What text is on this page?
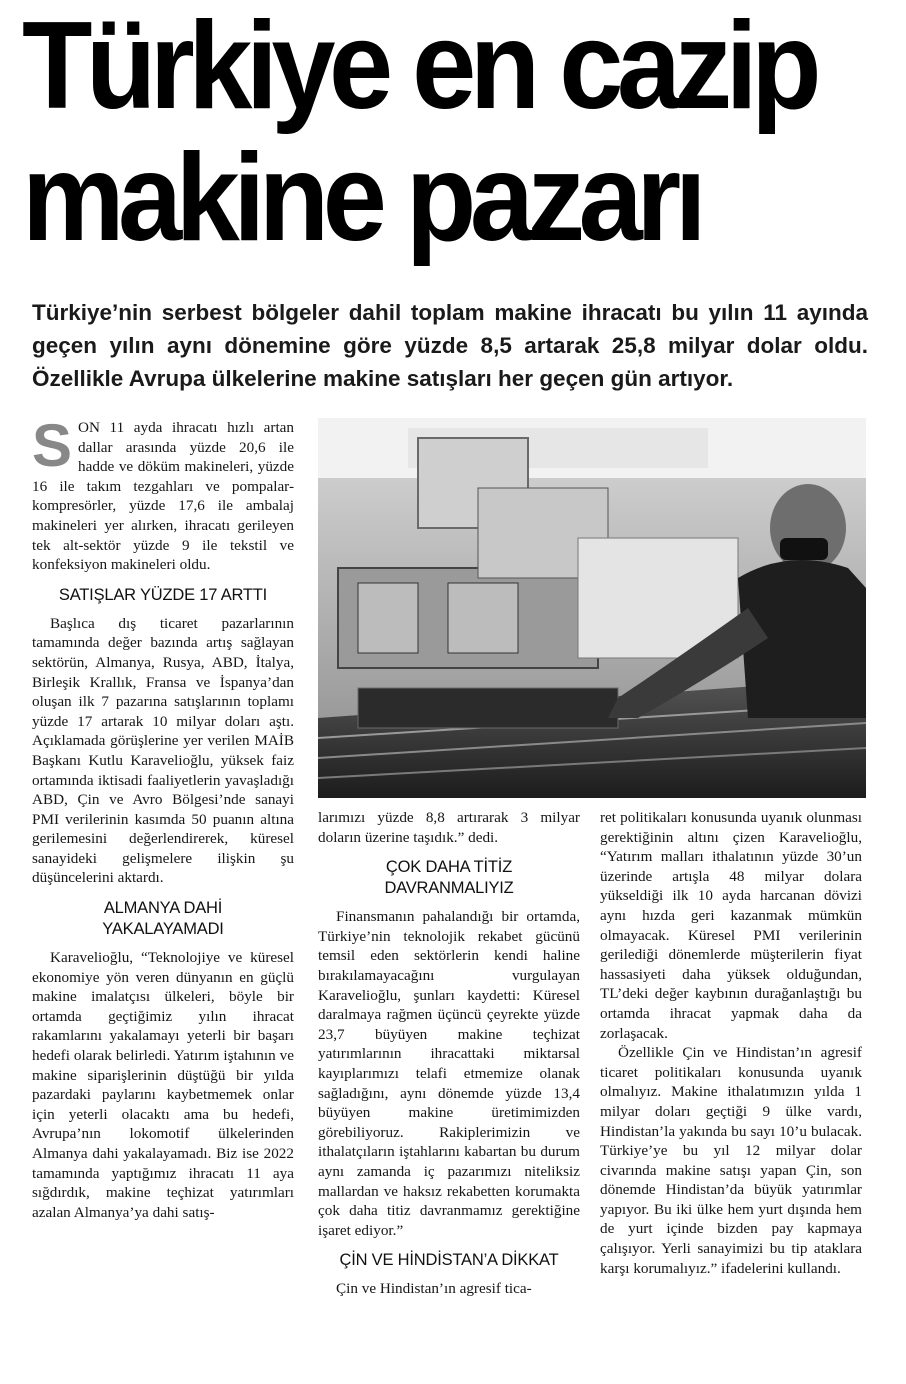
Türkiye en cazip
makine pazarı
Türkiye’nin serbest bölgeler dahil toplam makine ihracatı bu yılın 11 ayında geçen yılın aynı dönemine göre yüzde 8,5 artarak 25,8 milyar dolar oldu. Özellikle Avrupa ülkelerine makine satışları her geçen gün artıyor.

S ON 11 ayda ihracatı hızlı artan dallar arasında yüzde 20,6 ile hadde ve döküm makineleri, yüzde 16 ile takım tezgahları ve pompalar-kompresörler, yüzde 17,6 ile ambalaj makineleri yer alırken, ihracatı gerileyen tek alt-sektör yüzde 9 ile tekstil ve konfeksiyon makineleri oldu.

SATIŞLAR YÜZDE 17 ARTTI

Başlıca dış ticaret pazarlarının tamamında değer bazında artış sağlayan sektörün, Almanya, Rusya, ABD, İtalya, Birleşik Krallık, Fransa ve İspanya’dan oluşan ilk 7 pazarına satışlarının toplamı yüzde 17 artarak 10 milyar doları aştı. Açıklamada görüşlerine yer verilen MAİB Başkanı Kutlu Karavelioğlu, yüksek faiz ortamında iktisadi faaliyetlerin yavaşladığı ABD, Çin ve Avro Bölgesi’nde sanayi PMI verilerinin kasımda 50 puanın altına gerilemesini değerlendirerek, küresel sanayideki gelişmelere ilişkin şu düşüncelerini aktardı.

ALMANYA DAHİ
YAKALAYAMADI

Karavelioğlu, “Teknolojiye ve küresel ekonomiye yön veren dünyanın en güçlü makine imalatçısı ülkeleri, böyle bir ortamda geçtiğimiz yılın ihracat rakamlarını yakalamayı yeterli bir başarı hedefi olarak belirledi. Yatırım iştahının ve makine siparişlerinin düştüğü bir yılda pazardaki paylarını kaybetmemek onlar için yeterli olacaktı ama bu hedefi, Avrupa’nın lokomotif ülkelerinden Almanya dahi yakalayamadı. Biz ise 2022 tamamında yaptığımız ihracatı 11 aya sığdırdık, makine teçhizat yatırımları azalan Almanya’ya dahi satış-

larımızı yüzde 8,8 artırarak 3 milyar doların üzerine taşıdık.” dedi.

ÇOK DAHA TİTİZ
DAVRANMALIYIZ

Finansmanın pahalandığı bir ortamda, Türkiye’nin teknolojik rekabet gücünü temsil eden sektörlerin kendi haline bırakılamayacağını vurgulayan Karavelioğlu, şunları kaydetti: Küresel daralmaya rağmen üçüncü çeyrekte yüzde 23,7 büyüyen makine teçhizat yatırımlarının ihracattaki miktarsal kayıplarımızı telafi etmemize olanak sağladığını, aynı dönemde yüzde 13,4 büyüyen makine üretimimizden görebiliyoruz. Rakiplerimizin ve ithalatçıların iştahlarını kabartan bu durum aynı zamanda iç pazarımızı niteliksiz mallardan ve haksız rekabetten korumakta çok daha titiz davranmamız gerektiğine işaret ediyor.”

ÇİN VE HİNDİSTAN’A DİKKAT

Çin ve Hindistan’ın agresif tica-

ret politikaları konusunda uyanık olunması gerektiğinin altını çizen Karavelioğlu, “Yatırım malları ithalatının yüzde 30’un üzerinde artışla 48 milyar dolara yükseldiği ilk 10 ayda harcanan dövizi aynı hızda geri kazanmak mümkün olmayacak. Küresel PMI verilerinin gerilediği dönemlerde müşterilerin fiyat hassasiyeti daha yüksek olduğundan, TL’deki değer kaybının durağanlaştığı bu ortamda ihracat yapmak daha da zorlaşacak.

Özellikle Çin ve Hindistan’ın agresif ticaret politikaları konusunda uyanık olmalıyız. Makine ithalatımızın yılda 1 milyar doları geçtiği 9 ülke vardı, Hindistan’la yakında bu sayı 10’u bulacak. Türkiye’ye bu yıl 12 milyar dolar civarında makine satışı yapan Çin, son dönemde Hindistan’da büyük yatırımlar yapıyor. Bu iki ülke hem yurt dışında hem de yurt içinde bizden pay kapmaya çalışıyor. Yerli sanayimizi bu tip ataklara karşı korumalıyız.” ifadelerini kullandı.
